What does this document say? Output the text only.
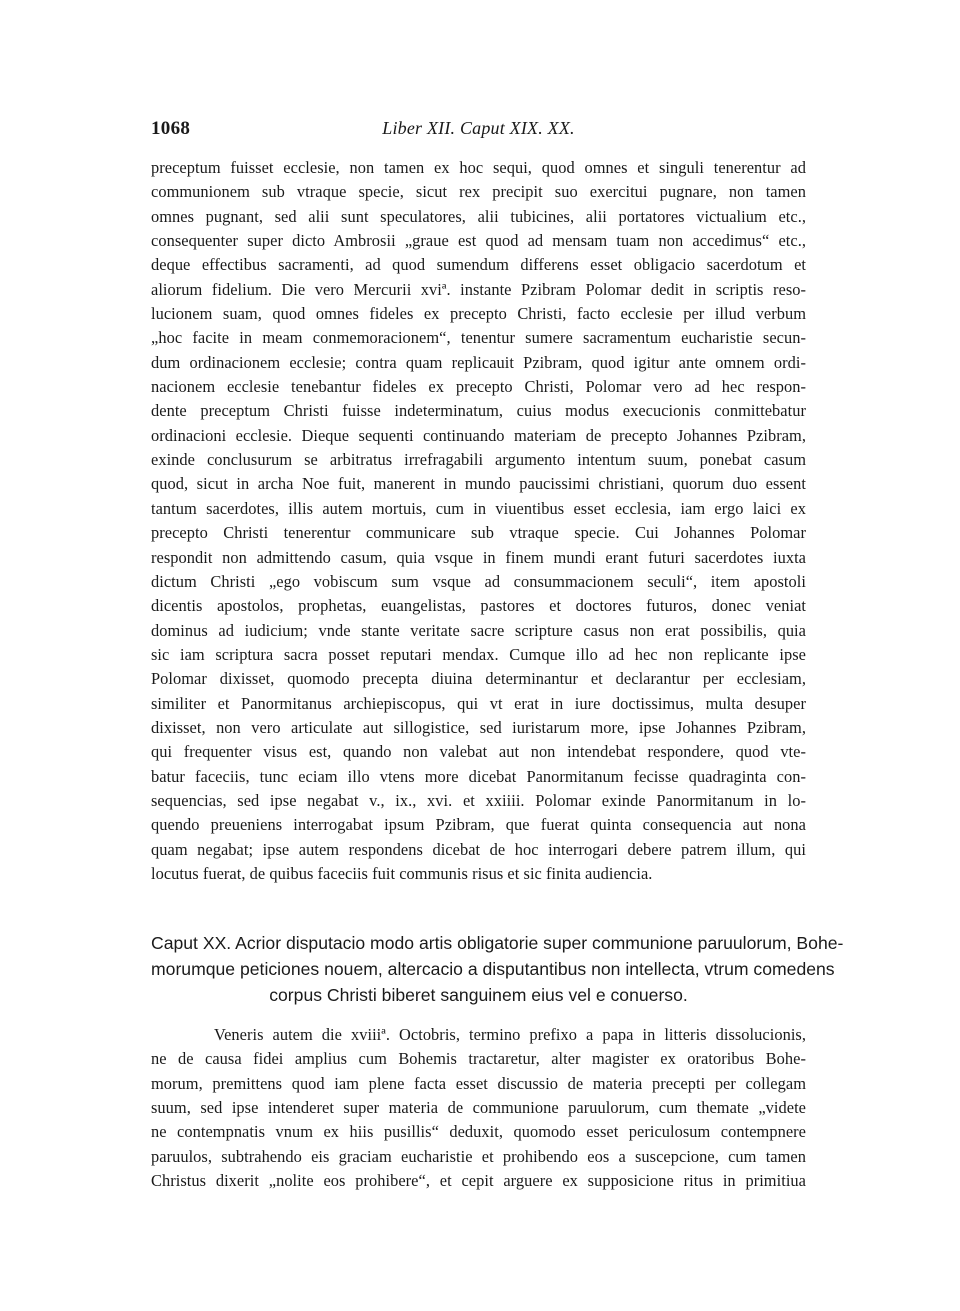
1068	Liber XII. Caput XIX. XX.
preceptum fuisset ecclesie, non tamen ex hoc sequi, quod omnes et singuli tenerentur ad
communionem sub vtraque specie, sicut rex precipit suo exercitui pugnare, non tamen
omnes pugnant, sed alii sunt speculatores, alii tubicines, alii portatores victualium etc.,
consequenter super dicto Ambrosii „graue est quod ad mensam tuam non accedimus“ etc.,
deque effectibus sacramenti, ad quod sumendum differens esset obligacio sacerdotum et
aliorum fidelium. Die vero Mercurii xviª. instante Pzibram Polomar dedit in scriptis reso-
lucionem suam, quod omnes fideles ex precepto Christi, facto ecclesie per illud verbum
„hoc facite in meam conmemoracionem“, tenentur sumere sacramentum eucharistie secun-
dum ordinacionem ecclesie; contra quam replicauit Pzibram, quod igitur ante omnem ordi-
nacionem ecclesie tenebantur fideles ex precepto Christi, Polomar vero ad hec respon-
dente preceptum Christi fuisse indeterminatum, cuius modus execucionis conmittebatur
ordinacioni ecclesie. Dieque sequenti continuando materiam de precepto Johannes Pzibram,
exinde conclusurum se arbitratus irrefragabili argumento intentum suum, ponebat casum
quod, sicut in archa Noe fuit, manerent in mundo paucissimi christiani, quorum duo essent
tantum sacerdotes, illis autem mortuis, cum in viuentibus esset ecclesia, iam ergo laici ex
precepto Christi tenerentur communicare sub vtraque specie. Cui Johannes Polomar
respondit non admittendo casum, quia vsque in finem mundi erant futuri sacerdotes iuxta
dictum Christi „ego vobiscum sum vsque ad consummacionem seculi“, item apostoli
dicentis apostolos, prophetas, euangelistas, pastores et doctores futuros, donec veniat
dominus ad iudicium; vnde stante veritate sacre scripture casus non erat possibilis, quia
sic iam scriptura sacra posset reputari mendax. Cumque illo ad hec non replicante ipse
Polomar dixisset, quomodo precepta diuina determinantur et declarantur per ecclesiam,
similiter et Panormitanus archiepiscopus, qui vt erat in iure doctissimus, multa desuper
dixisset, non vero articulate aut sillogistice, sed iuristarum more, ipse Johannes Pzibram,
qui frequenter visus est, quando non valebat aut non intendebat respondere, quod vte-
batur faceciis, tunc eciam illo vtens more dicebat Panormitanum fecisse quadraginta con-
sequencias, sed ipse negabat v., ix., xvi. et xxiiii. Polomar exinde Panormitanum in lo-
quendo preueniens interrogabat ipsum Pzibram, que fuerat quinta consequencia aut nona
quam negabat; ipse autem respondens dicebat de hoc interrogari debere patrem illum, qui
locutus fuerat, de quibus faceciis fuit communis risus et sic finita audiencia.
Caput XX. Acrior disputacio modo artis obligatorie super communione paruulorum, Bohe-
morumque peticiones nouem, altercacio a disputantibus non intellecta, vtrum comedens
corpus Christi biberet sanguinem eius vel e conuerso.
Veneris autem die xviiiª. Octobris, termino prefixo a papa in litteris dissolucionis,
ne de causa fidei amplius cum Bohemis tractaretur, alter magister ex oratoribus Bohe-
morum, premittens quod iam plene facta esset discussio de materia precepti per collegam
suum, sed ipse intenderet super materia de communione paruulorum, cum themate „videte
ne contempnatis vnum ex hiis pusillis“ deduxit, quomodo esset periculosum contempnere
paruulos, subtrahendo eis graciam eucharistie et prohibendo eos a suscepcione, cum tamen
Christus dixerit „nolite eos prohibere“, et cepit arguere ex supposicione ritus in primitiua
